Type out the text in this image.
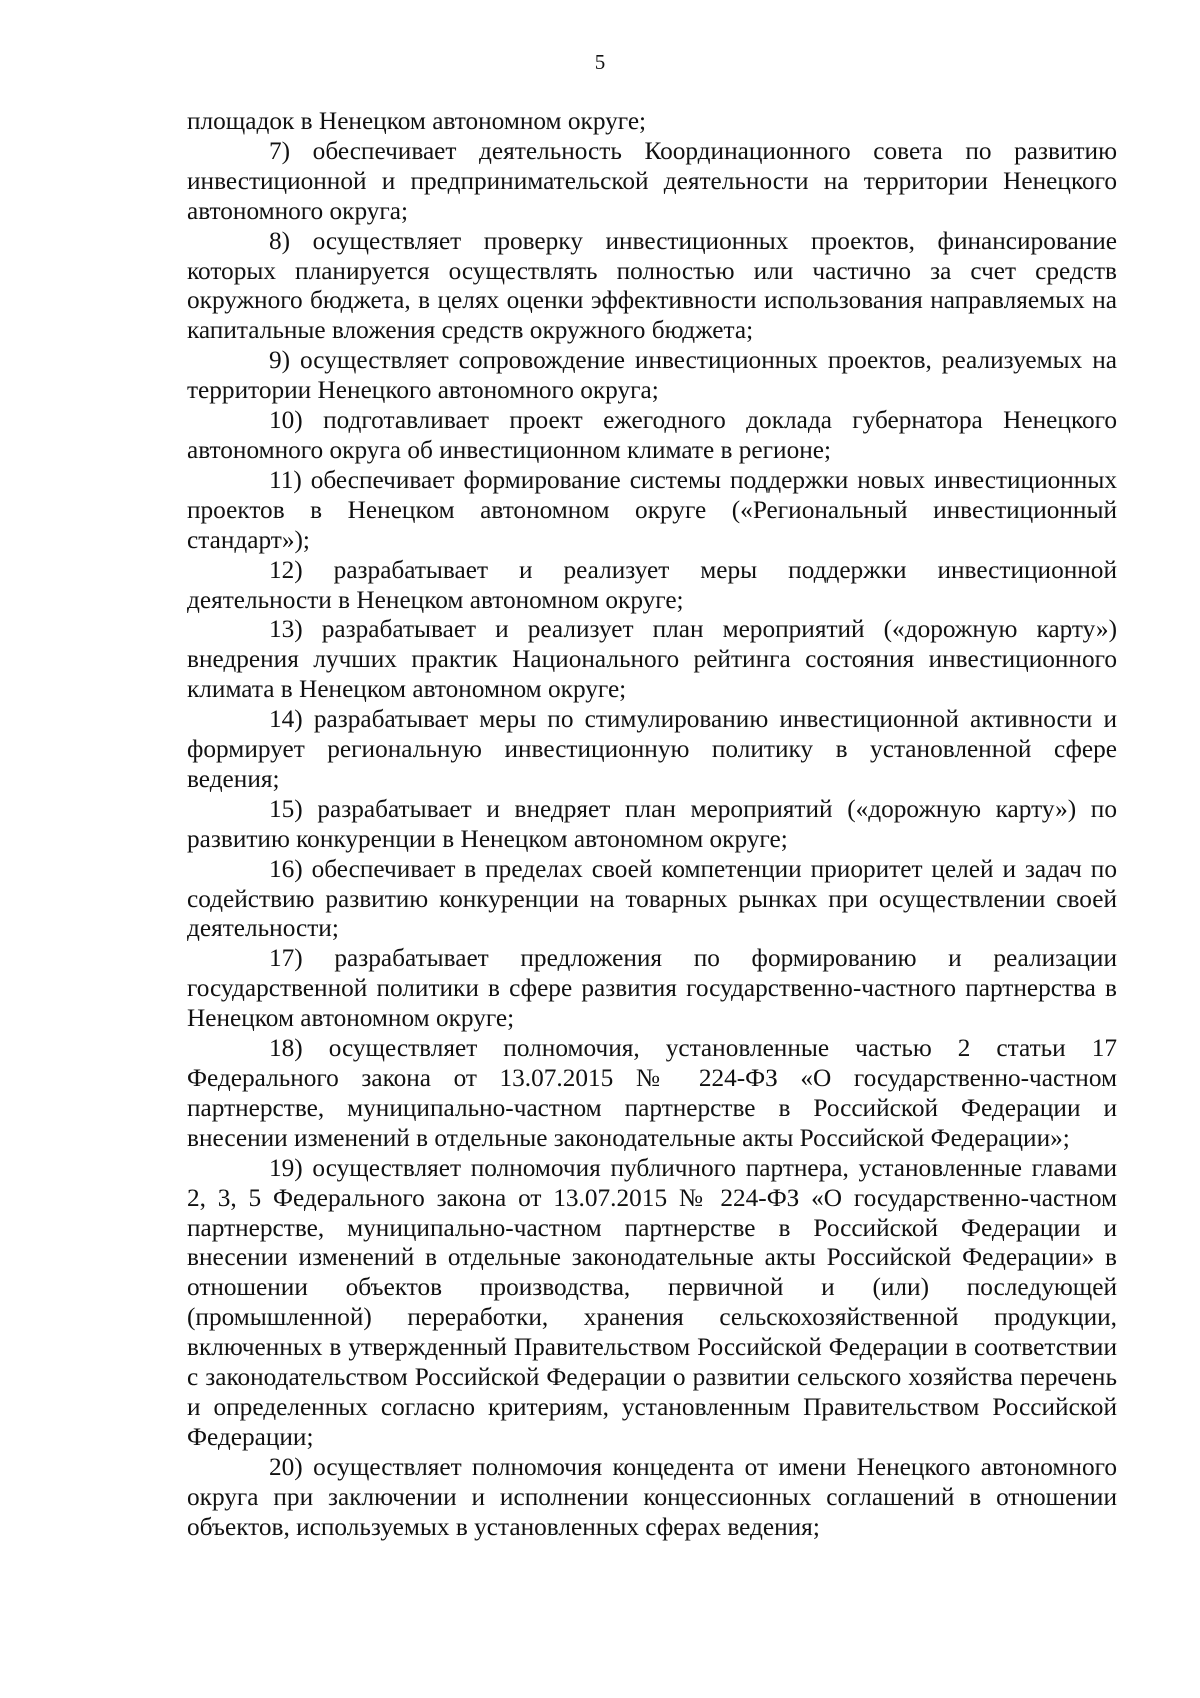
5

площадок в Ненецком автономном округе;

7) обеспечивает деятельность Координационного совета по развитию инвестиционной и предпринимательской деятельности на территории Ненецкого автономного округа;

8) осуществляет проверку инвестиционных проектов, финансирование которых планируется осуществлять полностью или частично за счет средств окружного бюджета, в целях оценки эффективности использования направляемых на капитальные вложения средств окружного бюджета;

9) осуществляет сопровождение инвестиционных проектов, реализуемых на территории Ненецкого автономного округа;

10) подготавливает проект ежегодного доклада губернатора Ненецкого автономного округа об инвестиционном климате в регионе;

11) обеспечивает формирование системы поддержки новых инвестиционных проектов в Ненецком автономном округе («Региональный инвестиционный стандарт»);

12) разрабатывает и реализует меры поддержки инвестиционной деятельности в Ненецком автономном округе;

13) разрабатывает и реализует план мероприятий («дорожную карту») внедрения лучших практик Национального рейтинга состояния инвестиционного климата в Ненецком автономном округе;

14) разрабатывает меры по стимулированию инвестиционной активности и формирует региональную инвестиционную политику в установленной сфере ведения;

15) разрабатывает и внедряет план мероприятий («дорожную карту») по развитию конкуренции в Ненецком автономном округе;

16) обеспечивает в пределах своей компетенции приоритет целей и задач по содействию развитию конкуренции на товарных рынках при осуществлении своей деятельности;

17) разрабатывает предложения по формированию и реализации государственной политики в сфере развития государственно-частного партнерства в Ненецком автономном округе;

18) осуществляет полномочия, установленные частью 2 статьи 17 Федерального закона от 13.07.2015 № 224-ФЗ «О государственно-частном партнерстве, муниципально-частном партнерстве в Российской Федерации и внесении изменений в отдельные законодательные акты Российской Федерации»;

19) осуществляет полномочия публичного партнера, установленные главами 2, 3, 5 Федерального закона от 13.07.2015 № 224-ФЗ «О государственно-частном партнерстве, муниципально-частном партнерстве в Российской Федерации и внесении изменений в отдельные законодательные акты Российской Федерации» в отношении объектов производства, первичной и (или) последующей (промышленной) переработки, хранения сельскохозяйственной продукции, включенных в утвержденный Правительством Российской Федерации в соответствии с законодательством Российской Федерации о развитии сельского хозяйства перечень и определенных согласно критериям, установленным Правительством Российской Федерации;

20) осуществляет полномочия концедента от имени Ненецкого автономного округа при заключении и исполнении концессионных соглашений в отношении объектов, используемых в установленных сферах ведения;
